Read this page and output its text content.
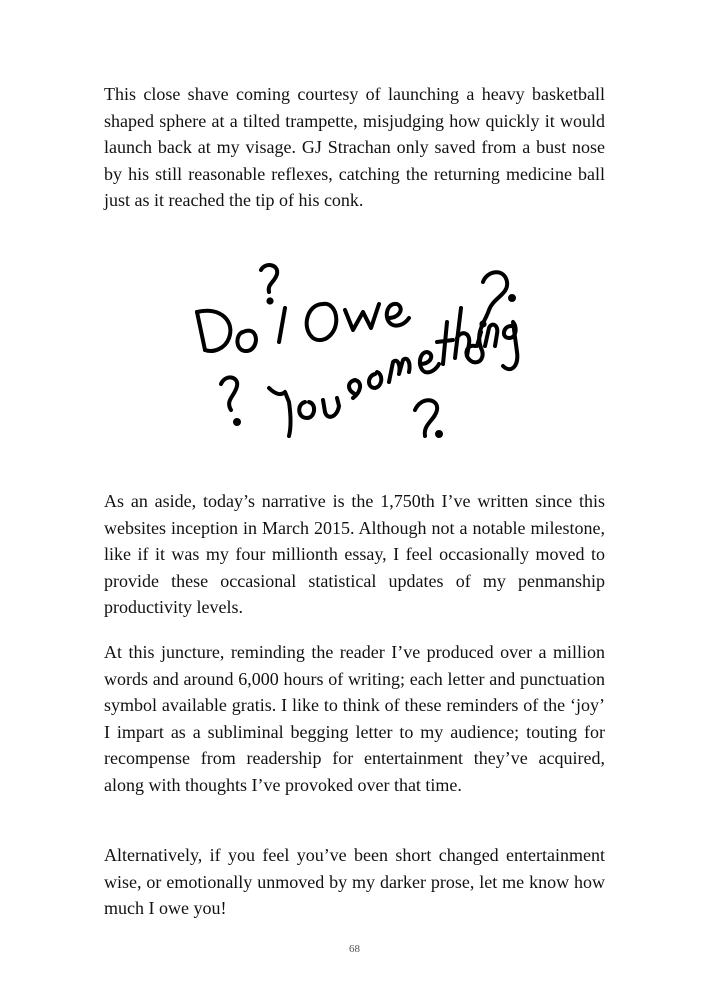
This close shave coming courtesy of launching a heavy basketball shaped sphere at a tilted trampette, misjudging how quickly it would launch back at my visage. GJ Strachan only saved from a bust nose by his still reasonable reflexes, catching the returning medicine ball just as it reached the tip of his conk.

As an aside, today’s narrative is the 1,750th I’ve written since this websites inception in March 2015. Although not a notable milestone, like if it was my four millionth essay, I feel occasionally moved to provide these occasional statistical updates of my penmanship productivity levels.

At this juncture, reminding the reader I’ve produced over a million words and around 6,000 hours of writing; each letter and punctuation symbol available gratis. I like to think of these reminders of the ‘joy’ I impart as a subliminal begging letter to my audience; touting for recompense from readership for entertainment they’ve acquired, along with thoughts I’ve provoked over that time.

Alternatively, if you feel you’ve been short changed entertainment wise, or emotionally unmoved by my darker prose, let me know how much I owe you!

68
